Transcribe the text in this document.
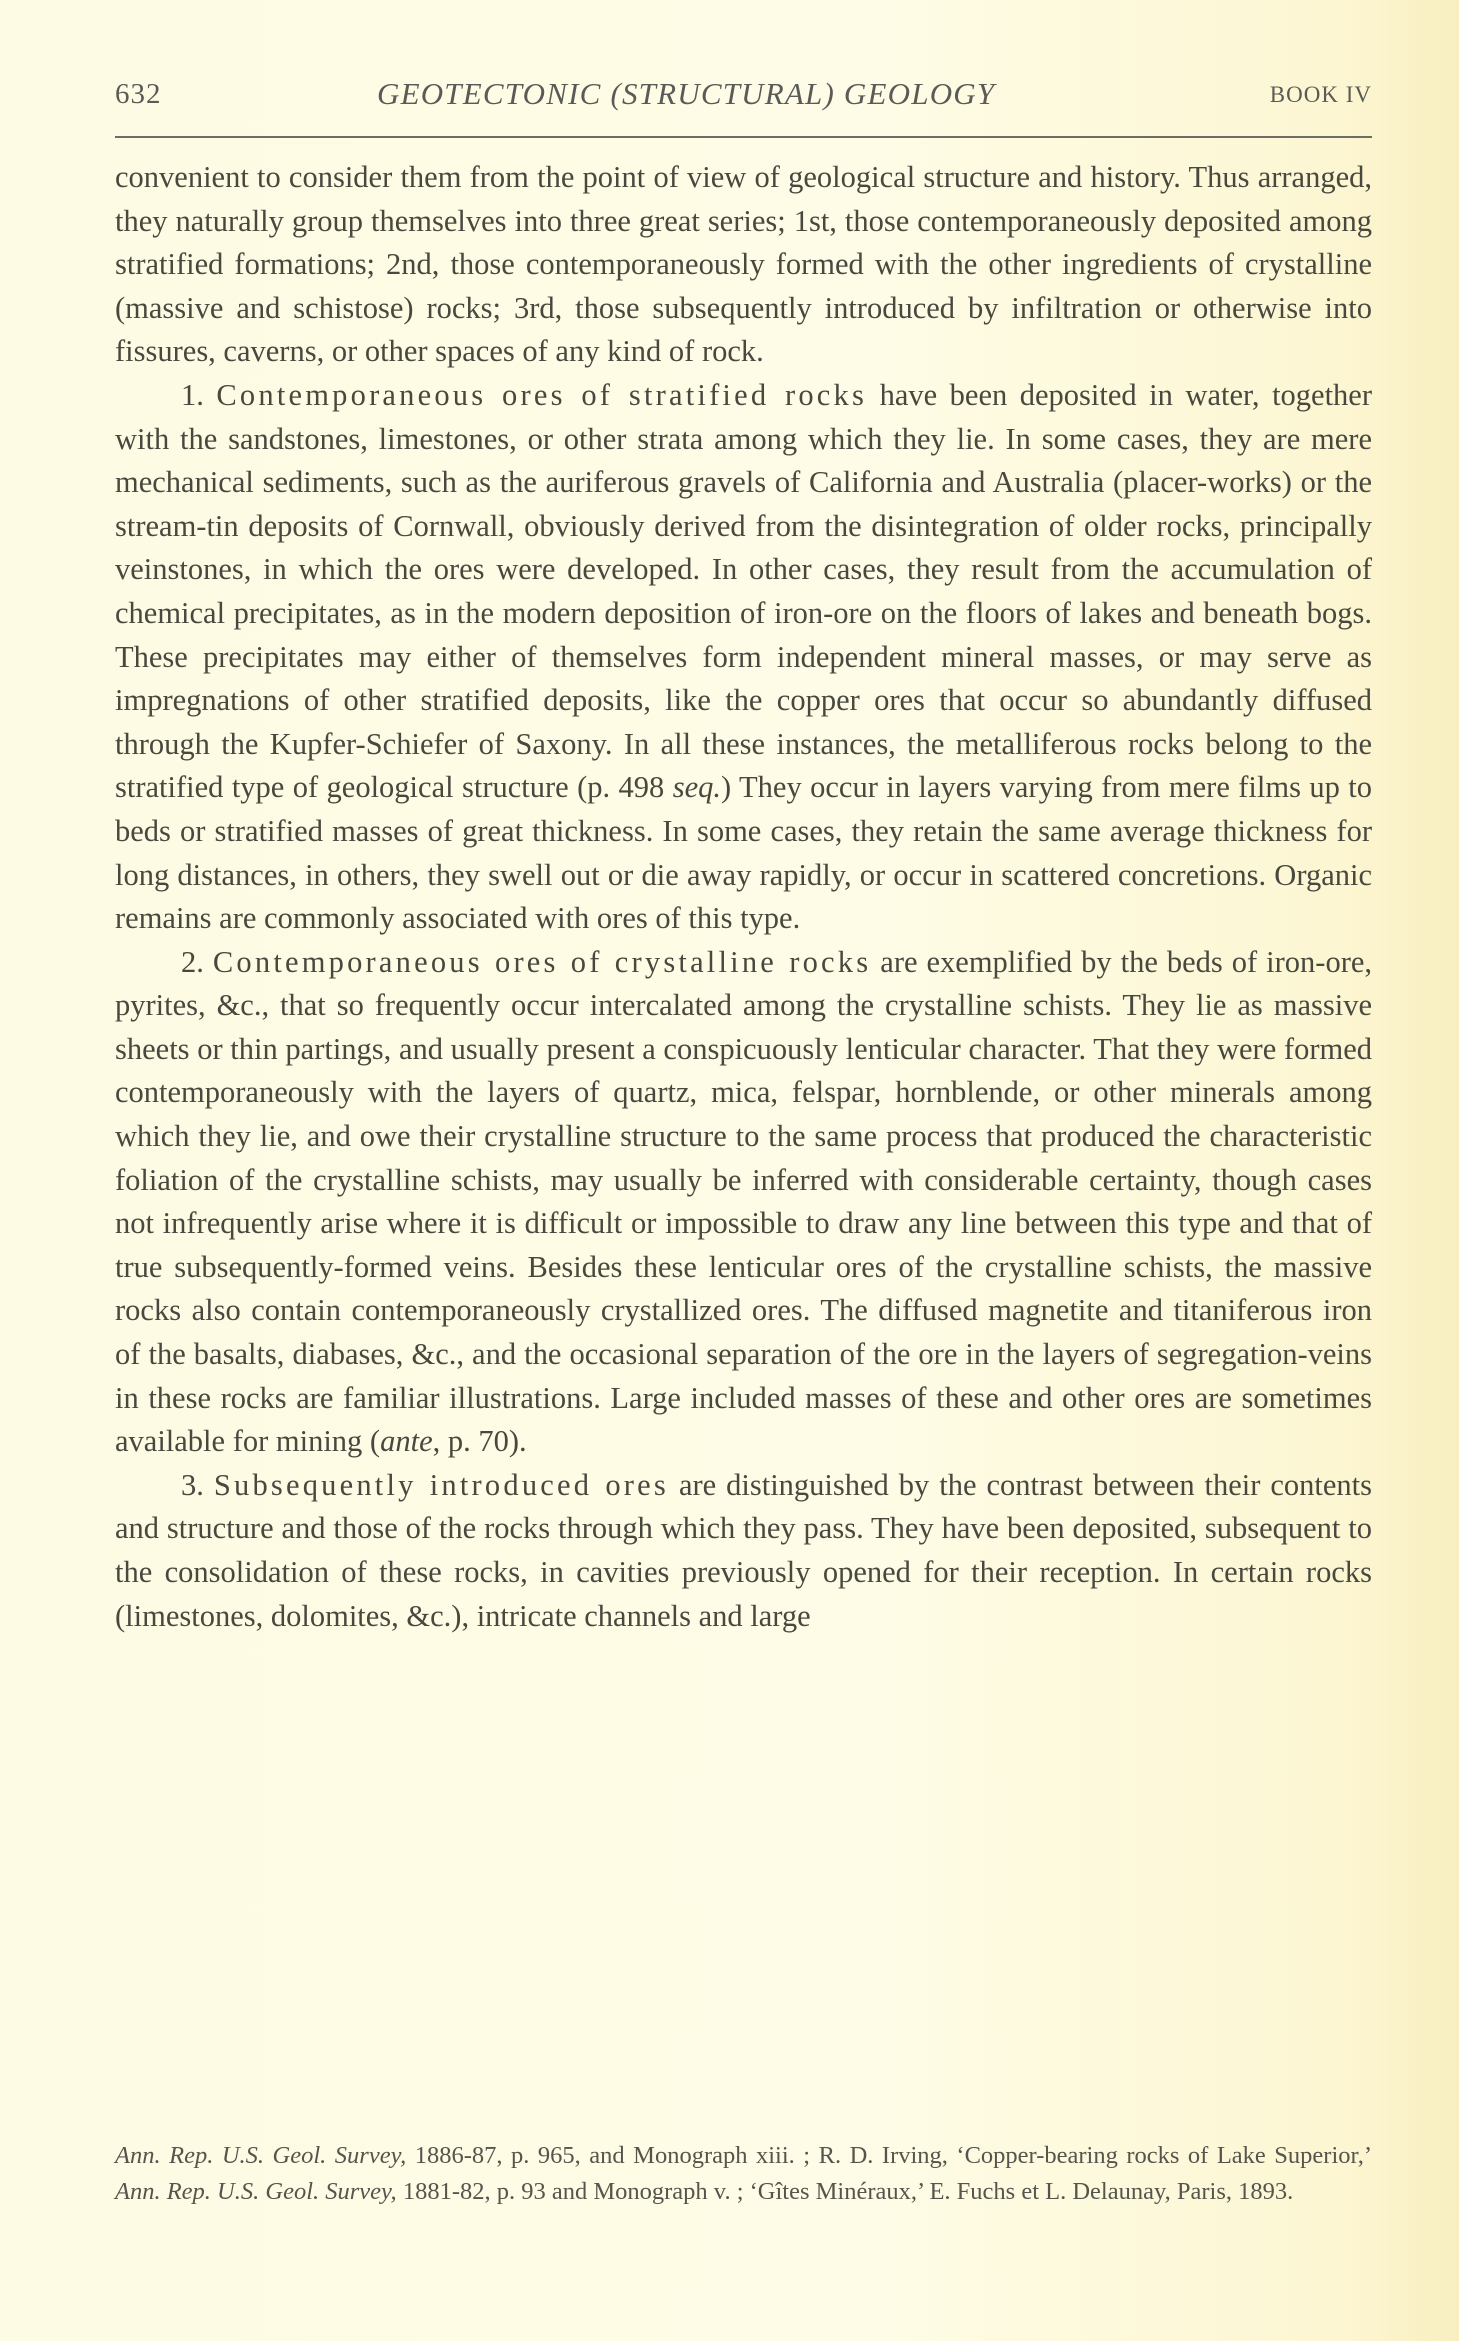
632	GEOTECTONIC (STRUCTURAL) GEOLOGY	BOOK IV

convenient to consider them from the point of view of geological structure and history. Thus arranged, they naturally group themselves into three great series; 1st, those contemporaneously deposited among stratified formations; 2nd, those contemporaneously formed with the other ingredients of crystalline (massive and schistose) rocks; 3rd, those subsequently introduced by infiltration or otherwise into fissures, caverns, or other spaces of any kind of rock.

1. Contemporaneous ores of stratified rocks have been deposited in water, together with the sandstones, limestones, or other strata among which they lie. In some cases, they are mere mechanical sediments, such as the auriferous gravels of California and Australia (placer-works) or the stream-tin deposits of Cornwall, obviously derived from the disintegration of older rocks, principally veinstones, in which the ores were developed. In other cases, they result from the accumulation of chemical precipitates, as in the modern deposition of iron-ore on the floors of lakes and beneath bogs. These precipitates may either of themselves form independent mineral masses, or may serve as impregnations of other stratified deposits, like the copper ores that occur so abundantly diffused through the Kupfer-Schiefer of Saxony. In all these instances, the metalliferous rocks belong to the stratified type of geological structure (p. 498 seq.) They occur in layers varying from mere films up to beds or stratified masses of great thickness. In some cases, they retain the same average thickness for long distances, in others, they swell out or die away rapidly, or occur in scattered concretions. Organic remains are commonly associated with ores of this type.

2. Contemporaneous ores of crystalline rocks are exemplified by the beds of iron-ore, pyrites, &c., that so frequently occur intercalated among the crystalline schists. They lie as massive sheets or thin partings, and usually present a conspicuously lenticular character. That they were formed contemporaneously with the layers of quartz, mica, felspar, hornblende, or other minerals among which they lie, and owe their crystalline structure to the same process that produced the characteristic foliation of the crystalline schists, may usually be inferred with considerable certainty, though cases not infrequently arise where it is difficult or impossible to draw any line between this type and that of true subsequently-formed veins. Besides these lenticular ores of the crystalline schists, the massive rocks also contain contemporaneously crystallized ores. The diffused magnetite and titaniferous iron of the basalts, diabases, &c., and the occasional separation of the ore in the layers of segregation-veins in these rocks are familiar illustrations. Large included masses of these and other ores are sometimes available for mining (ante, p. 70).

3. Subsequently introduced ores are distinguished by the contrast between their contents and structure and those of the rocks through which they pass. They have been deposited, subsequent to the consolidation of these rocks, in cavities previously opened for their reception. In certain rocks (limestones, dolomites, &c.), intricate channels and large

Ann. Rep. U.S. Geol. Survey, 1886-87, p. 965, and Monograph xiii. ; R. D. Irving, ‘Copper-bearing rocks of Lake Superior,’ Ann. Rep. U.S. Geol. Survey, 1881-82, p. 93 and Monograph v. ; ‘Gîtes Minéraux,’ E. Fuchs et L. Delaunay, Paris, 1893.
